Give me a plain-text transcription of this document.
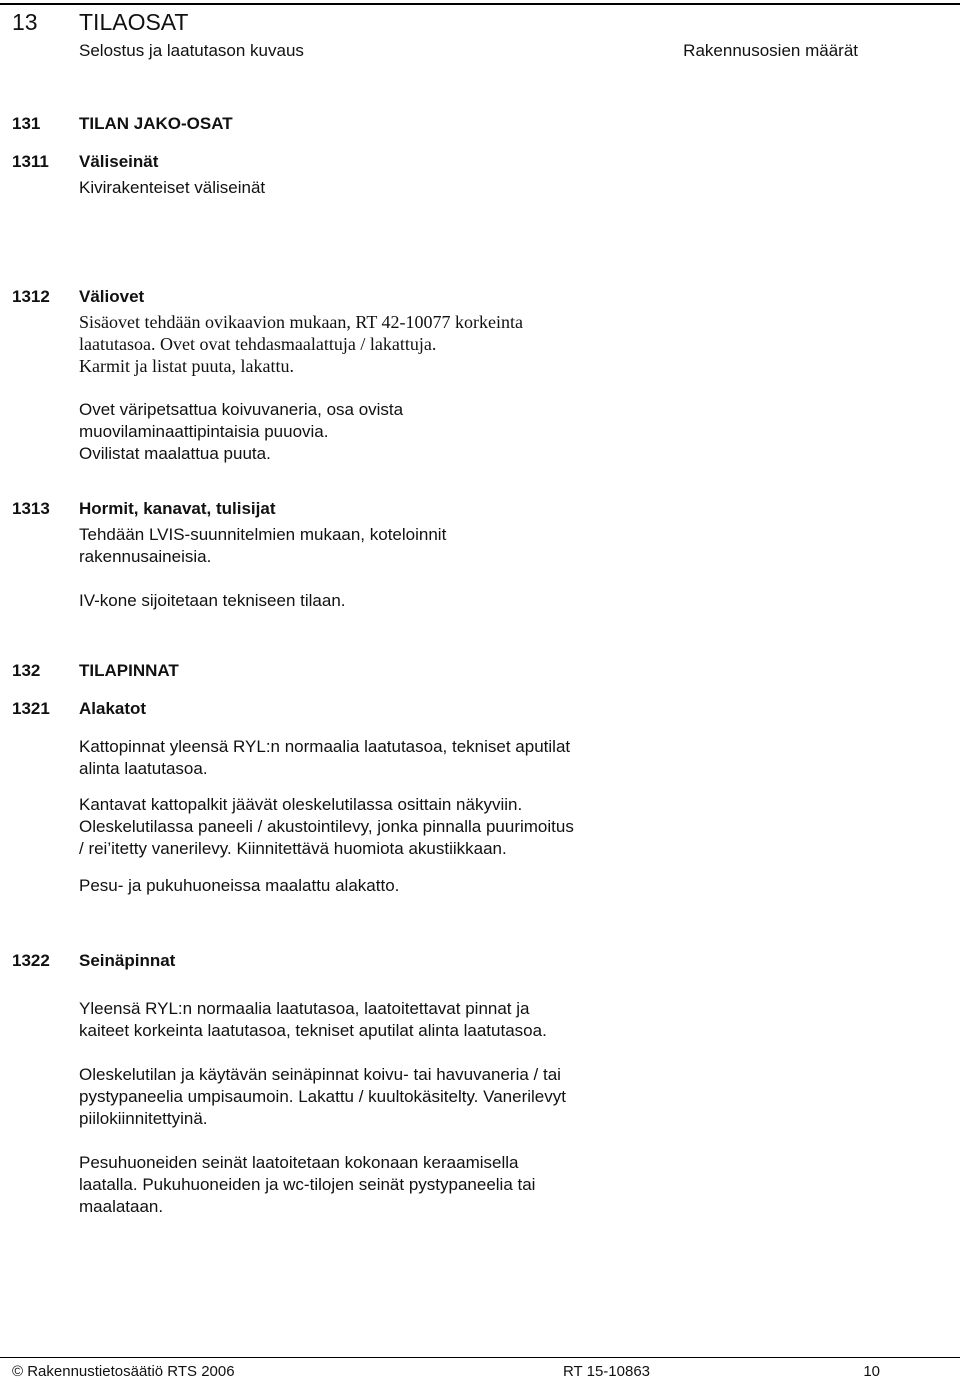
13 TILAOSAT
Selostus ja laatutason kuvaus	Rakennusosien määrät
131 TILAN JAKO-OSAT
1311 Väliseinät
Kivirakenteiset väliseinät
1312 Väliovet
Sisäovet tehdään ovikaavion mukaan, RT 42-10077 korkeinta
laatutasoa. Ovet ovat tehdasmaalattuja / lakattuja.
Karmit ja listat puuta, lakattu.
Ovet väripetsattua koivuvaneria, osa ovista
muovilaminaattipintaisia puuovia.
Ovilistat maalattua puuta.
1313 Hormit, kanavat, tulisijat
Tehdään LVIS-suunnitelmien mukaan, koteloinnit
rakennusaineisia.
IV-kone sijoitetaan tekniseen tilaan.
132 TILAPINNAT
1321 Alakatot
Kattopinnat yleensä RYL:n normaalia laatutasoa, tekniset aputilat
alinta laatutasoa.
Kantavat kattopalkit jäävät oleskelutilassa osittain näkyviin.
Oleskelutilassa paneeli / akustointilevy, jonka pinnalla puurimoitus
/ rei’itetty vanerilevy. Kiinnitettävä huomiota akustiikkaan.
Pesu- ja pukuhuoneissa maalattu alakatto.
1322 Seinäpinnat
Yleensä RYL:n normaalia laatutasoa, laatoitettavat pinnat ja
kaiteet korkeinta laatutasoa, tekniset aputilat alinta laatutasoa.
Oleskelutilan ja käytävän seinäpinnat koivu- tai havuvaneria / tai
pystypaneelia umpisaumoin. Lakattu / kuultokäsitelty. Vanerilevyt
piilokiinnitettyinä.
Pesuhuoneiden seinät laatoitetaan kokonaan keraamisella
laatalla. Pukuhuoneiden ja wc-tilojen seinät pystypaneelia tai
maalataan.
© Rakennustietosäätiö RTS 2006	RT 15-10863	10
